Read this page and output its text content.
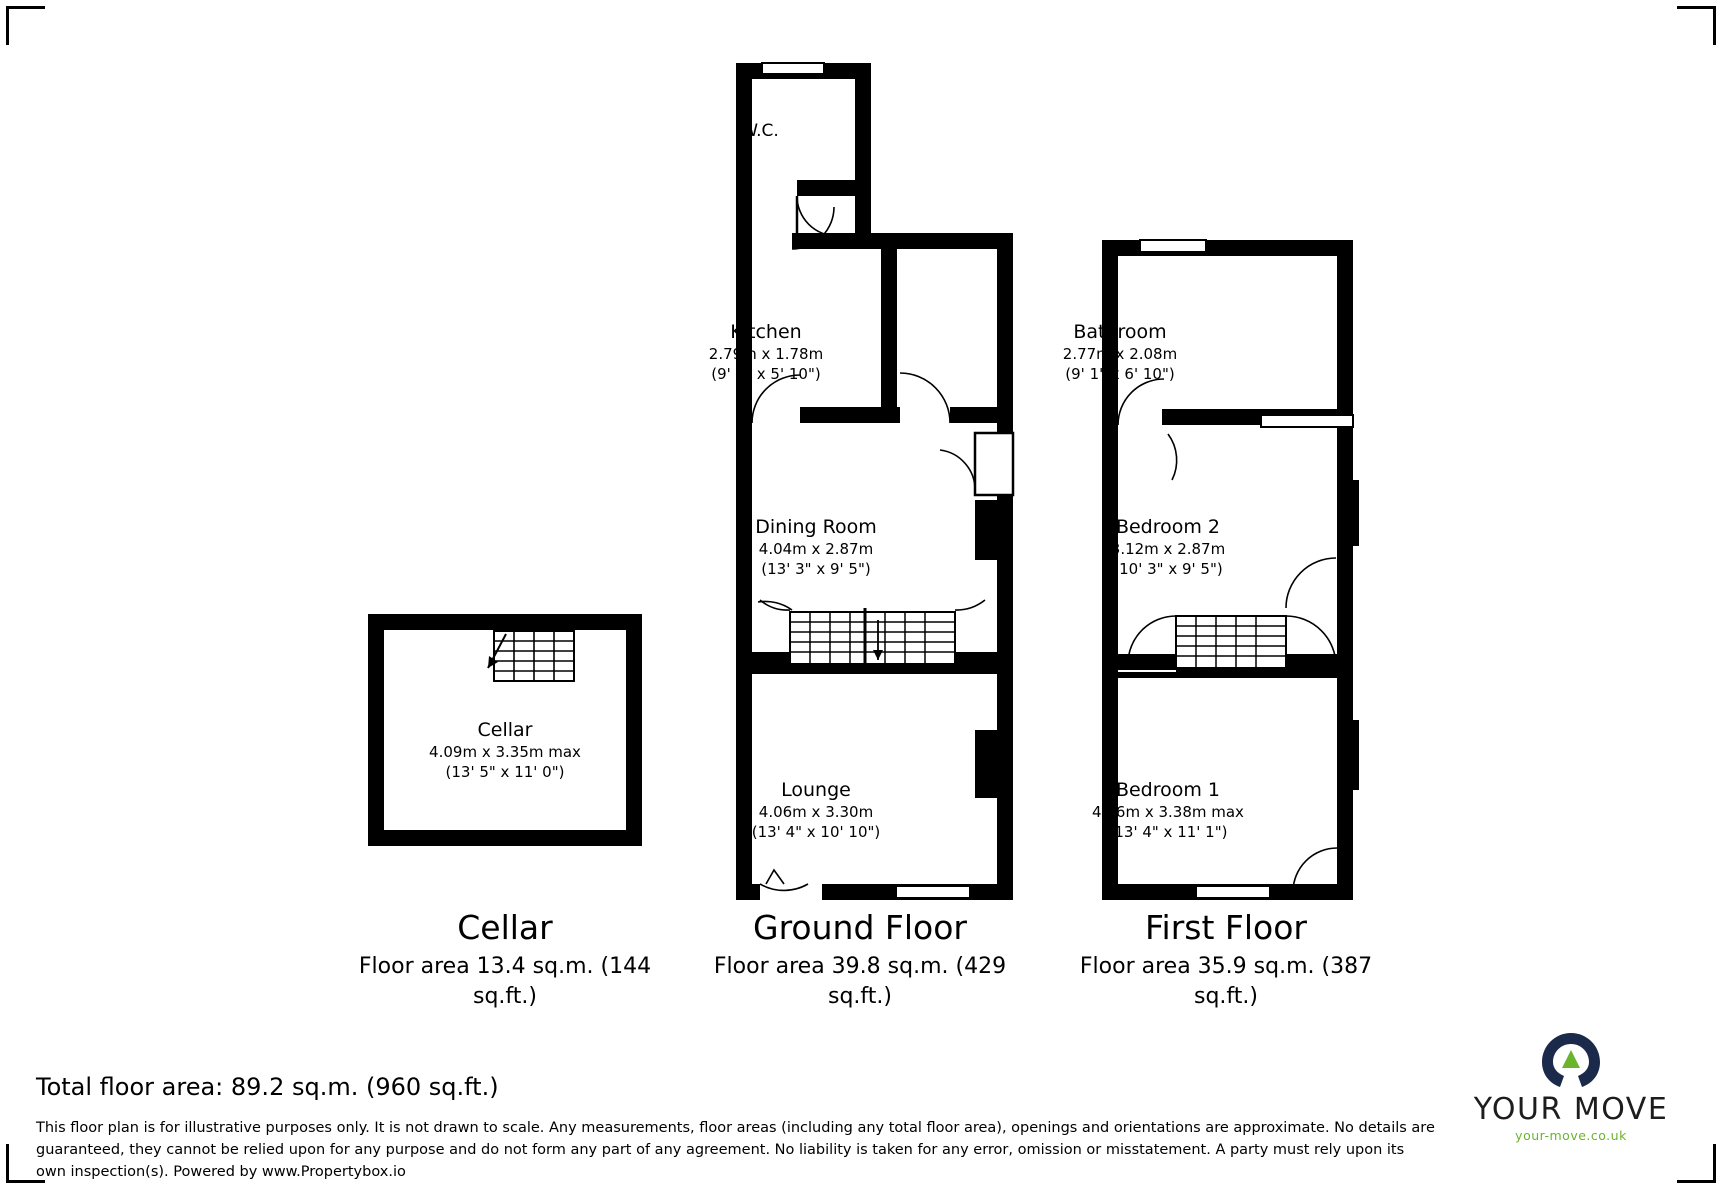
W.C.
Kitchen
2.79m x 1.78m
(9' 2" x 5' 10")
Dining Room
4.04m x 2.87m
(13' 3" x 9' 5")
Lounge
4.06m x 3.30m
(13' 4" x 10' 10")
Bathroom
2.77m x 2.08m
(9' 1" x 6' 10")
Bedroom 2
3.12m x 2.87m
(10' 3" x 9' 5")
Bedroom 1
4.06m x 3.38m max
(13' 4" x 11' 1")
Cellar
4.09m x 3.35m max
(13' 5" x 11' 0")
Cellar
Floor area 13.4 sq.m. (144 sq.ft.)
Ground Floor
Floor area 39.8 sq.m. (429 sq.ft.)
First Floor
Floor area 35.9 sq.m. (387 sq.ft.)
Total floor area: 89.2 sq.m. (960 sq.ft.)
This floor plan is for illustrative purposes only. It is not drawn to scale. Any measurements, floor areas (including any total floor area), openings and orientations are approximate. No details are guaranteed, they cannot be relied upon for any purpose and do not form any part of any agreement. No liability is taken for any error, omission or misstatement. A party must rely upon its own inspection(s). Powered by www.Propertybox.io
YOUR MOVE
your-move.co.uk
